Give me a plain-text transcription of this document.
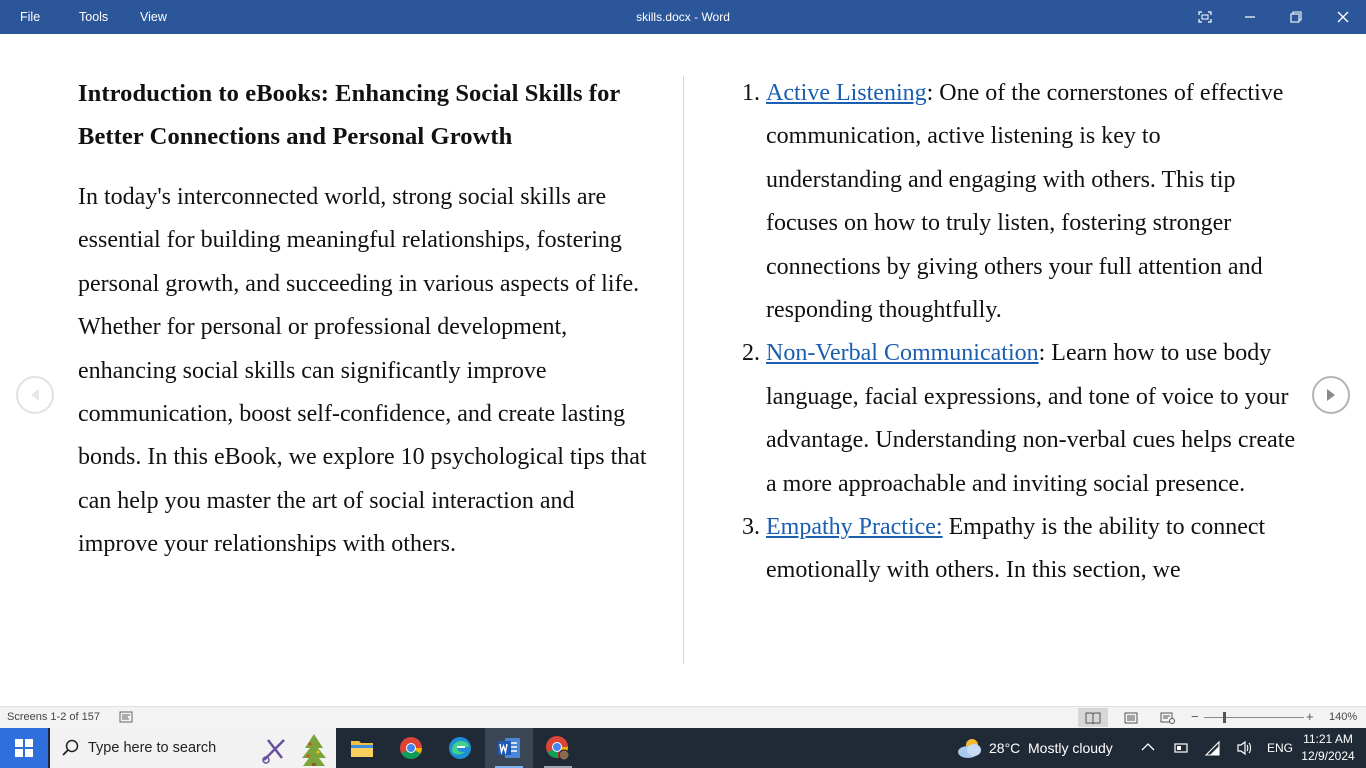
File	Tools	View	skills.docx - Word
Introduction to eBooks: Enhancing Social Skills for Better Connections and Personal Growth
In today's interconnected world, strong social skills are essential for building meaningful relationships, fostering personal growth, and succeeding in various aspects of life. Whether for personal or professional development, enhancing social skills can significantly improve communication, boost self-confidence, and create lasting bonds. In this eBook, we explore 10 psychological tips that can help you master the art of social interaction and improve your relationships with others.
1. Active Listening: One of the cornerstones of effective communication, active listening is key to understanding and engaging with others. This tip focuses on how to truly listen, fostering stronger connections by giving others your full attention and responding thoughtfully.
2. Non-Verbal Communication: Learn how to use body language, facial expressions, and tone of voice to your advantage. Understanding non-verbal cues helps create a more approachable and inviting social presence.
3. Empathy Practice: Empathy is the ability to connect emotionally with others. In this section, we
Screens 1-2 of 157	−	+ 140%
Type here to search	28°C Mostly cloudy	ENG
11:21 AM
12/9/2024
